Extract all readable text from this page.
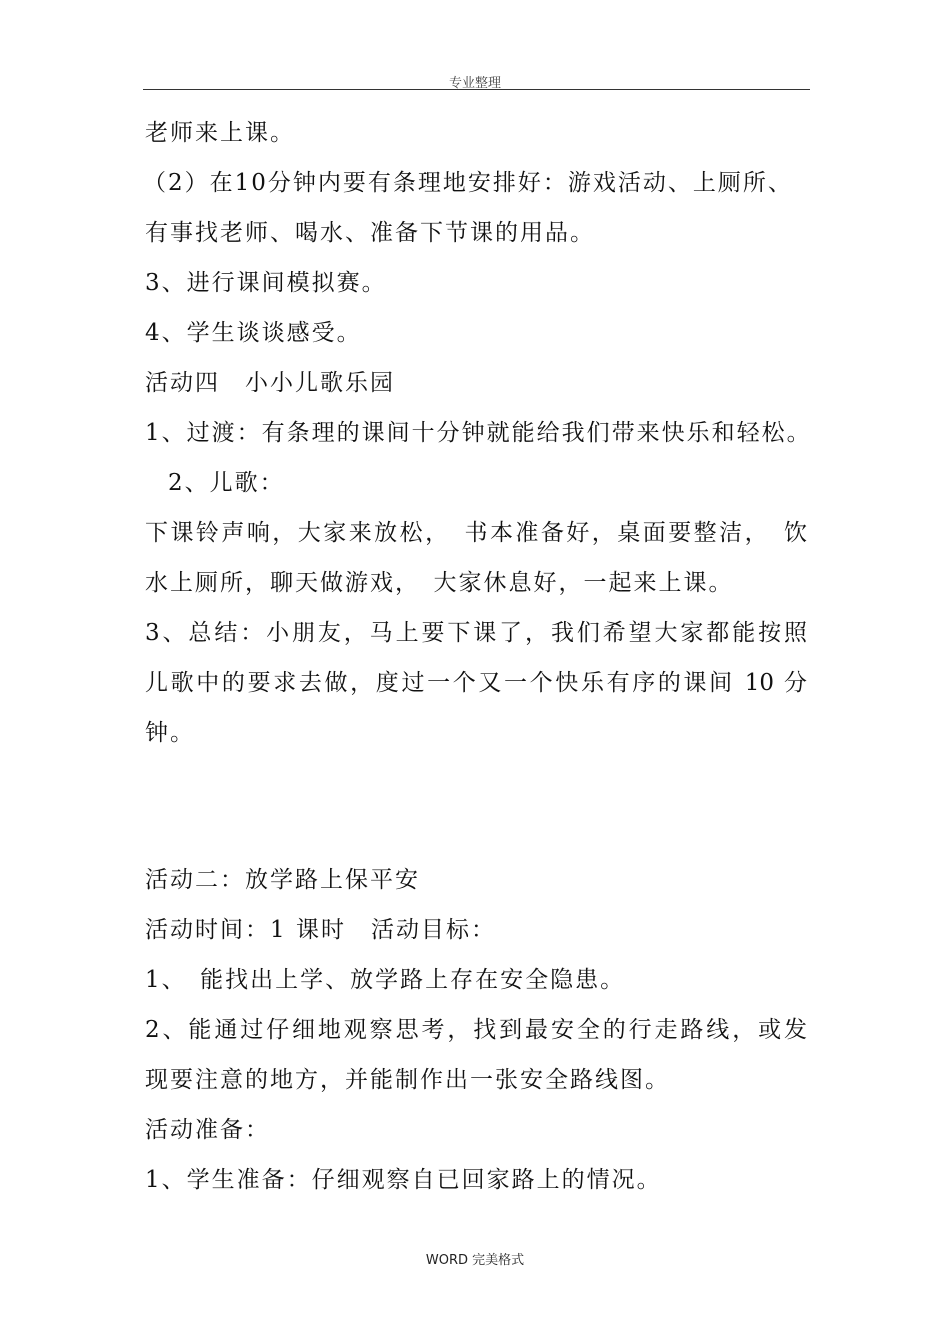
专业整理
老师来上课。
（2）在10分钟内要有条理地安排好：游戏活动、上厕所、
有事找老师、喝水、准备下节课的用品。
3、进行课间模拟赛。
4、学生谈谈感受。
活动四　小小儿歌乐园
1、过渡：有条理的课间十分钟就能给我们带来快乐和轻松。
2、儿歌：
下课铃声响，大家来放松，　书本准备好，桌面要整洁，　饮
水上厕所，聊天做游戏，　大家休息好，一起来上课。
3、总结：小朋友，马上要下课了，我们希望大家都能按照
儿歌中的要求去做，度过一个又一个快乐有序的课间 10 分
钟。
活动二：放学路上保平安
活动时间：1 课时　活动目标：
1、　能找出上学、放学路上存在安全隐患。
2、能通过仔细地观察思考，找到最安全的行走路线，或发
现要注意的地方，并能制作出一张安全路线图。
活动准备：
1、学生准备：仔细观察自已回家路上的情况。
WORD 完美格式
